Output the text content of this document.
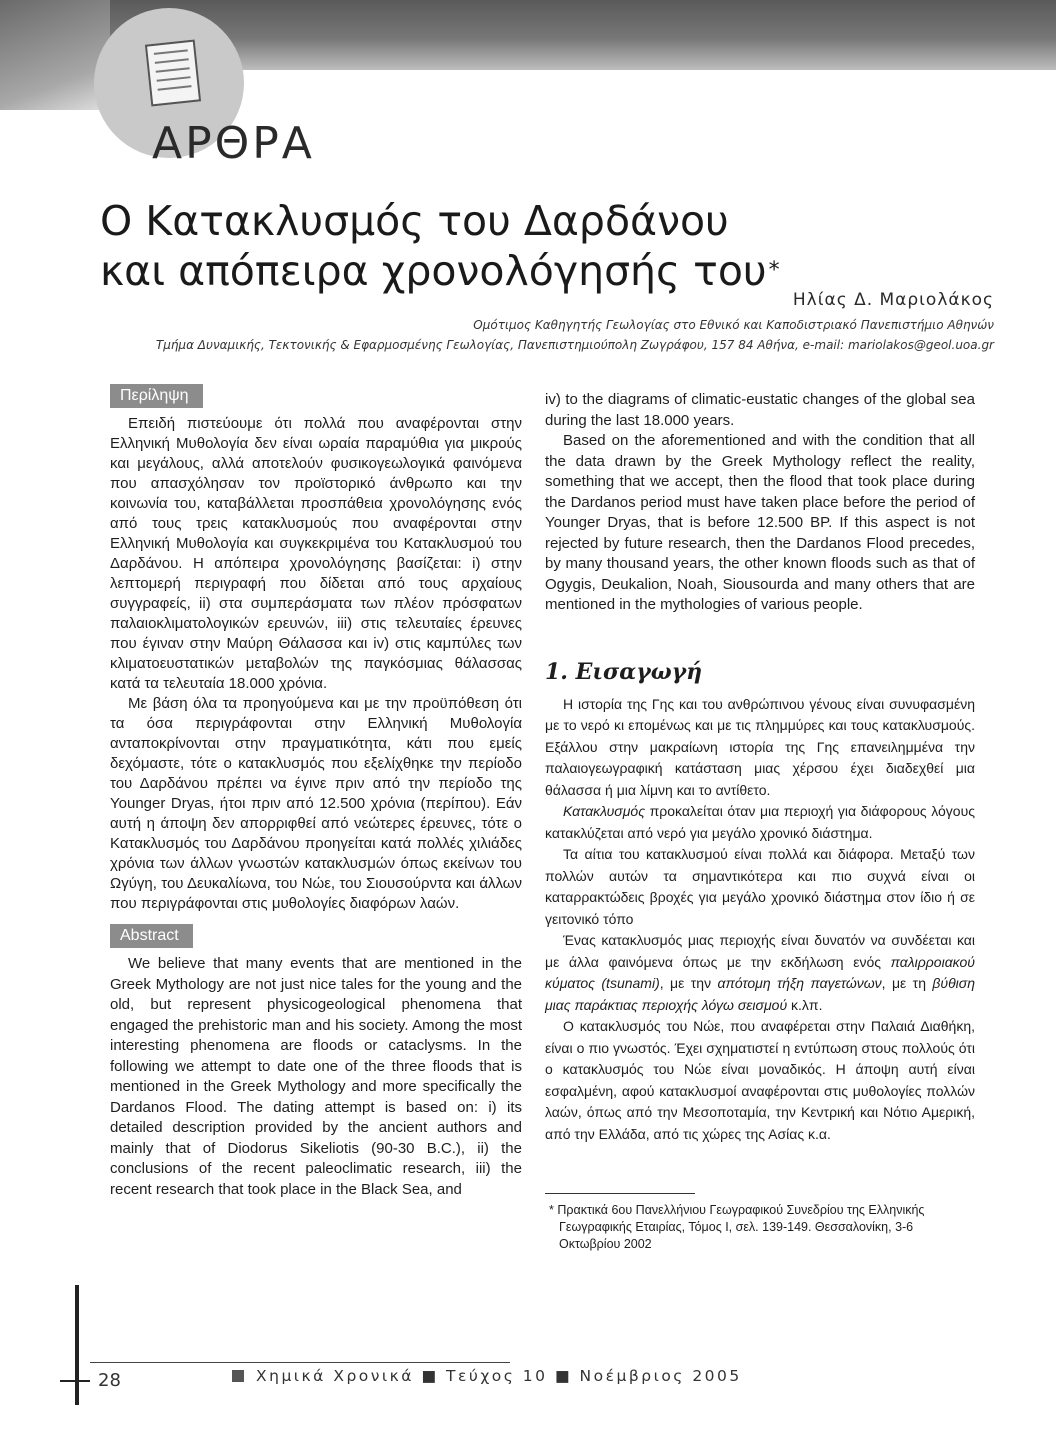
ΑΡΘΡΑ
Ο Κατακλυσμός του Δαρδάνου
και απόπειρα χρονολόγησής του*
Ηλίας Δ. Μαριολάκος
Ομότιμος Καθηγητής Γεωλογίας στο Εθνικό και Καποδιστριακό Πανεπιστήμιο Αθηνών
Τμήμα Δυναμικής, Τεκτονικής & Εφαρμοσμένης Γεωλογίας, Πανεπιστημιούπολη Ζωγράφου, 157 84 Αθήνα, e-mail: mariolakos@geol.uoa.gr
Περίληψη

Επειδή πιστεύουμε ότι πολλά που αναφέρονται στην Ελληνική Μυθολογία δεν είναι ωραία παραμύθια για μικρούς και μεγάλους, αλλά αποτελούν φυσικογεωλογικά φαινόμενα που απασχόλησαν τον προϊστορικό άνθρωπο και την κοινωνία του, καταβάλλεται προσπάθεια χρονολόγησης ενός από τους τρεις κατακλυσμούς που αναφέρονται στην Ελληνική Μυθολογία και συγκεκριμένα του Κατακλυσμού του Δαρδάνου. Η απόπειρα χρονολόγησης βασίζεται: i) στην λεπτομερή περιγραφή που δίδεται από τους αρχαίους συγγραφείς, ii) στα συμπεράσματα των πλέον πρόσφατων παλαιοκλιματολογικών ερευνών, iii) στις τελευταίες έρευνες που έγιναν στην Μαύρη Θάλασσα και iv) στις καμπύλες των κλιματοευστατικών μεταβολών της παγκόσμιας θάλασσας κατά τα τελευταία 18.000 χρόνια.

Με βάση όλα τα προηγούμενα και με την προϋπόθεση ότι τα όσα περιγράφονται στην Ελληνική Μυθολογία ανταποκρίνονται στην πραγματικότητα, κάτι που εμείς δεχόμαστε, τότε ο κατακλυσμός που εξελίχθηκε την περίοδο του Δαρδάνου πρέπει να έγινε πριν από την περίοδο της Younger Dryas, ήτοι πριν από 12.500 χρόνια (περίπου). Εάν αυτή η άποψη δεν απορριφθεί από νεώτερες έρευνες, τότε ο Κατακλυσμός του Δαρδάνου προηγείται κατά πολλές χιλιάδες χρόνια των άλλων γνωστών κατακλυσμών όπως εκείνων του Ωγύγη, του Δευκαλίωνα, του Νώε, του Σιουσούρντα και άλλων που περιγράφονται στις μυθολογίες διαφόρων λαών.

Abstract

We believe that many events that are mentioned in the Greek Mythology are not just nice tales for the young and the old, but represent physicogeological phenomena that engaged the prehistoric man and his society. Among the most interesting phenomena are floods or cataclysms. In the following we attempt to date one of the three floods that is mentioned in the Greek Mythology and more specifically the Dardanos Flood. The dating attempt is based on: i) its detailed description provided by the ancient authors and mainly that of Diodorus Sikeliotis (90-30 B.C.), ii) the conclusions of the recent paleoclimatic research, iii) the recent research that took place in the Black Sea, and

iv) to the diagrams of climatic-eustatic changes of the global sea during the last 18.000 years.

Based on the aforementioned and with the condition that all the data drawn by the Greek Mythology reflect the reality, something that we accept, then the flood that took place during the Dardanos period must have taken place before the period of Younger Dryas, that is before 12.500 BP. If this aspect is not rejected by future research, then the Dardanos Flood precedes, by many thousand years, the other known floods such as that of Ogygis, Deukalion, Noah, Siousourda and many others that are mentioned in the mythologies of various people.

1. Εισαγωγή

Η ιστορία της Γης και του ανθρώπινου γένους είναι συνυφασμένη με το νερό κι επομένως και με τις πλημμύρες και τους κατακλυσμούς. Εξάλλου στην μακραίωνη ιστορία της Γης επανειλημμένα την παλαιογεωγραφική κατάσταση μιας χέρσου έχει διαδεχθεί μια θάλασσα ή μια λίμνη και το αντίθετο.

Κατακλυσμός προκαλείται όταν μια περιοχή για διάφορους λόγους κατακλύζεται από νερό για μεγάλο χρονικό διάστημα.

Τα αίτια του κατακλυσμού είναι πολλά και διάφορα. Μεταξύ των πολλών αυτών τα σημαντικότερα και πιο συχνά είναι οι καταρρακτώδεις βροχές για μεγάλο χρονικό διάστημα στον ίδιο ή σε γειτονικό τόπο

Ένας κατακλυσμός μιας περιοχής είναι δυνατόν να συνδέεται και με άλλα φαινόμενα όπως με την εκδήλωση ενός παλιρροιακού κύματος (tsunami), με την απότομη τήξη παγετώνων, με τη βύθιση μιας παράκτιας περιοχής λόγω σεισμού κ.λπ.

Ο κατακλυσμός του Νώε, που αναφέρεται στην Παλαιά Διαθήκη, είναι ο πιο γνωστός. Έχει σχηματιστεί η εντύπωση στους πολλούς ότι ο κατακλυσμός του Νώε είναι μοναδικός. Η άποψη αυτή είναι εσφαλμένη, αφού κατακλυσμοί αναφέρονται στις μυθολογίες πολλών λαών, όπως από την Μεσοποταμία, την Κεντρική και Νότιο Αμερική, από την Ελλάδα, από τις χώρες της Ασίας κ.α.

* Πρακτικά 6ου Πανελλήνιου Γεωγραφικού Συνεδρίου της Ελληνικής Γεωγραφικής Εταιρίας, Τόμος Ι, σελ. 139-149. Θεσσαλονίκη, 3-6 Οκτωβρίου 2002
28	Χημικά Χρονικά ■ Τεύχος 10 ■ Νοέμβριος 2005
